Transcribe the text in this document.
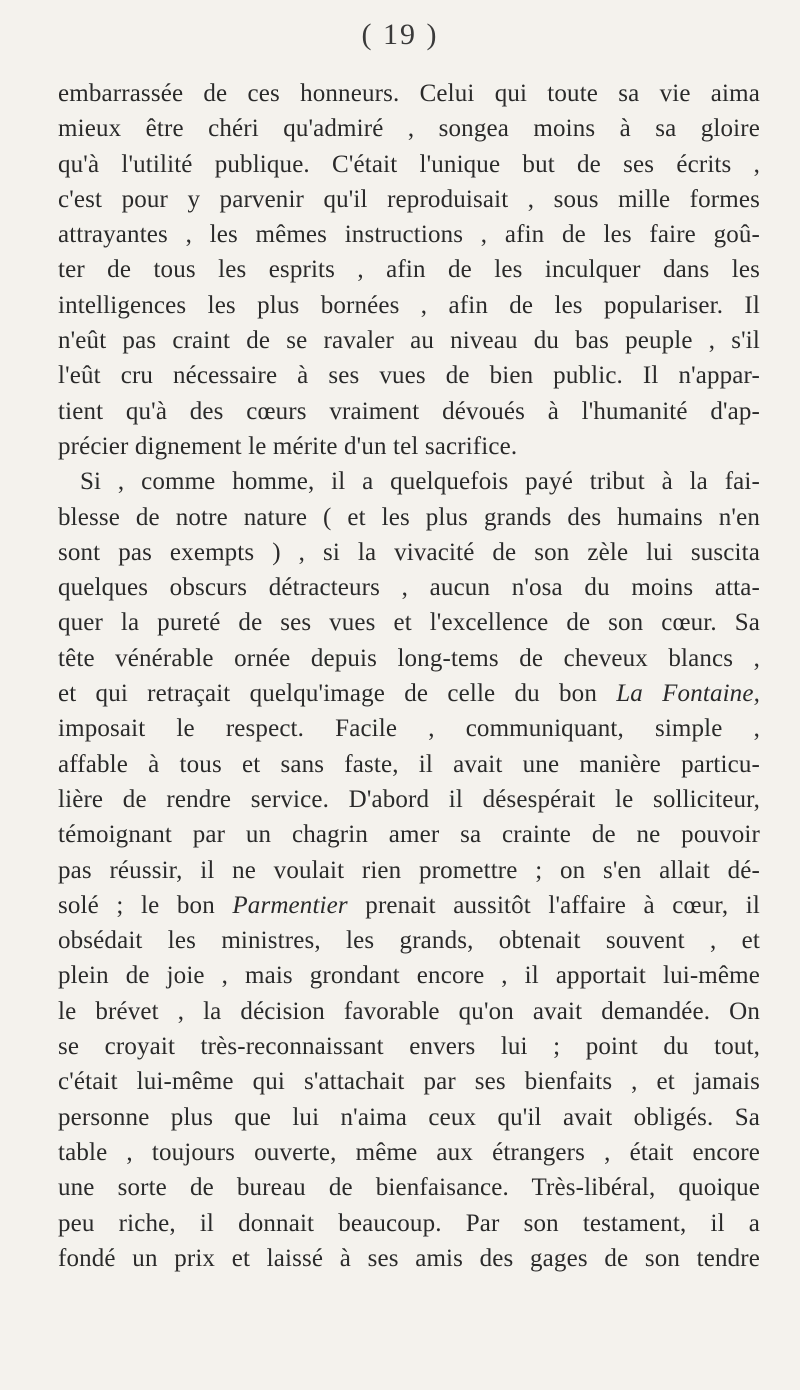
( 19 )
embarrassée de ces honneurs. Celui qui toute sa vie aima
mieux être chéri qu'admiré , songea moins à sa gloire
qu'à l'utilité publique. C'était l'unique but de ses écrits ,
c'est pour y parvenir qu'il reproduisait , sous mille formes
attrayantes , les mêmes instructions , afin de les faire goû-
ter de tous les esprits , afin de les inculquer dans les
intelligences les plus bornées , afin de les populariser. Il
n'eût pas craint de se ravaler au niveau du bas peuple , s'il
l'eût cru nécessaire à ses vues de bien public. Il n'appar-
tient qu'à des cœurs vraiment dévoués à l'humanité d'ap-
précier dignement le mérite d'un tel sacrifice.
Si , comme homme, il a quelquefois payé tribut à la fai-
blesse de notre nature ( et les plus grands des humains n'en
sont pas exempts ) , si la vivacité de son zèle lui suscita
quelques obscurs détracteurs , aucun n'osa du moins atta-
quer la pureté de ses vues et l'excellence de son cœur. Sa
tête vénérable ornée depuis long-tems de cheveux blancs ,
et qui retraçait quelqu'image de celle du bon La Fontaine,
imposait le respect. Facile , communiquant, simple ,
affable à tous et sans faste, il avait une manière particu-
lière de rendre service. D'abord il désespérait le solliciteur,
témoignant par un chagrin amer sa crainte de ne pouvoir
pas réussir, il ne voulait rien promettre ; on s'en allait dé-
solé ; le bon Parmentier prenait aussitôt l'affaire à cœur, il
obsédait les ministres, les grands, obtenait souvent , et
plein de joie , mais grondant encore , il apportait lui-même
le brévet , la décision favorable qu'on avait demandée. On
se croyait très-reconnaissant envers lui ; point du tout,
c'était lui-même qui s'attachait par ses bienfaits , et jamais
personne plus que lui n'aima ceux qu'il avait obligés. Sa
table , toujours ouverte, même aux étrangers , était encore
une sorte de bureau de bienfaisance. Très-libéral, quoique
peu riche, il donnait beaucoup. Par son testament, il a
fondé un prix et laissé à ses amis des gages de son tendre
